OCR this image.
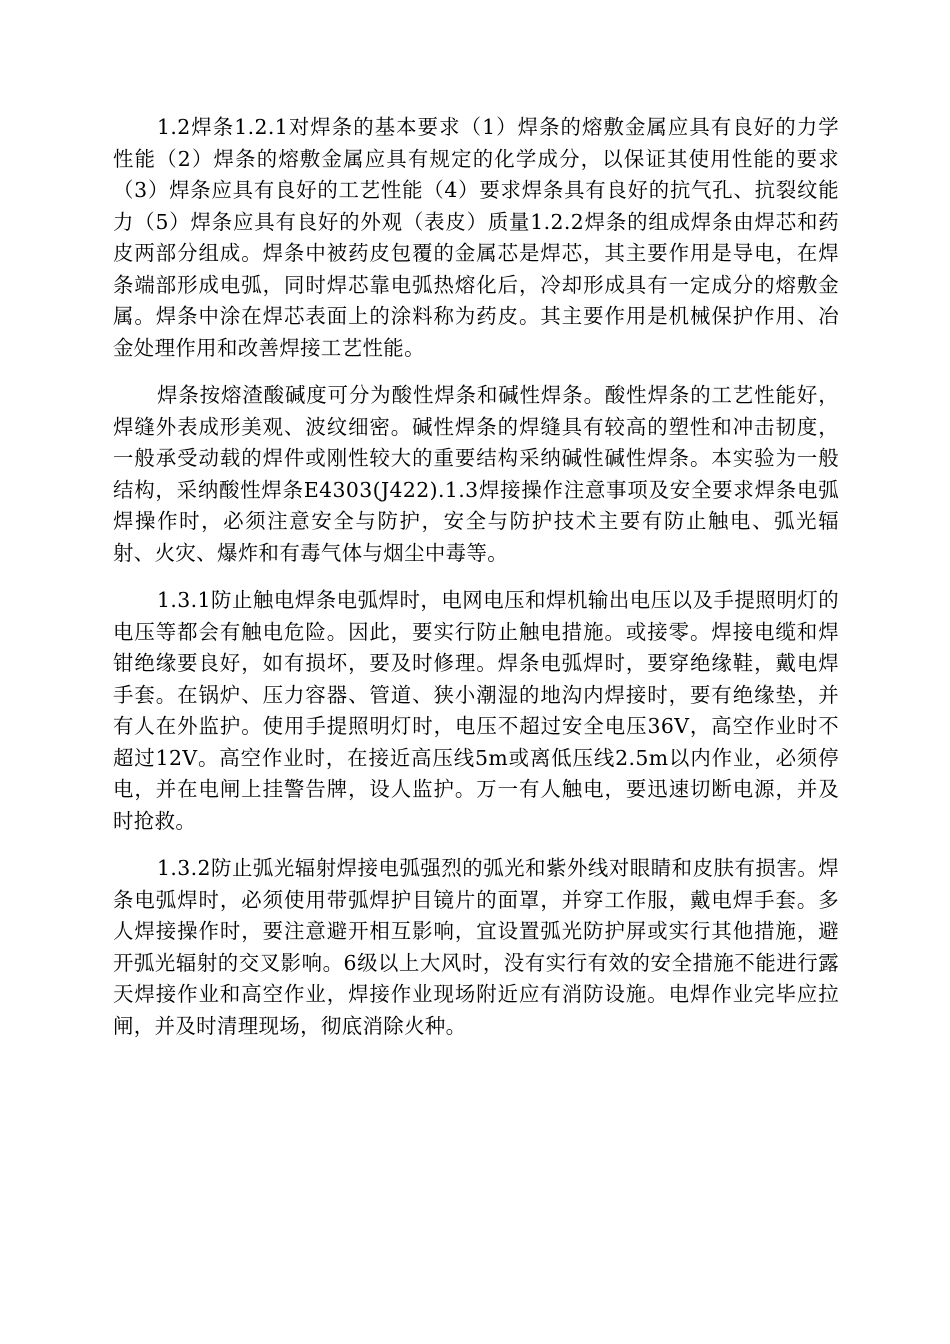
1.2焊条1.2.1对焊条的基本要求（1）焊条的熔敷金属应具有良好的力学性能（2）焊条的熔敷金属应具有规定的化学成分，以保证其使用性能的要求（3）焊条应具有良好的工艺性能（4）要求焊条具有良好的抗气孔、抗裂纹能力（5）焊条应具有良好的外观（表皮）质量1.2.2焊条的组成焊条由焊芯和药皮两部分组成。焊条中被药皮包覆的金属芯是焊芯，其主要作用是导电，在焊条端部形成电弧，同时焊芯靠电弧热熔化后，冷却形成具有一定成分的熔敷金属。焊条中涂在焊芯表面上的涂料称为药皮。其主要作用是机械保护作用、冶金处理作用和改善焊接工艺性能。

焊条按熔渣酸碱度可分为酸性焊条和碱性焊条。酸性焊条的工艺性能好，焊缝外表成形美观、波纹细密。碱性焊条的焊缝具有较高的塑性和冲击韧度，一般承受动载的焊件或刚性较大的重要结构采纳碱性碱性焊条。本实验为一般结构，采纳酸性焊条E4303(J422).1.3焊接操作注意事项及安全要求焊条电弧焊操作时，必须注意安全与防护，安全与防护技术主要有防止触电、弧光辐射、火灾、爆炸和有毒气体与烟尘中毒等。

1.3.1防止触电焊条电弧焊时，电网电压和焊机输出电压以及手提照明灯的电压等都会有触电危险。因此，要实行防止触电措施。或接零。焊接电缆和焊钳绝缘要良好，如有损坏，要及时修理。焊条电弧焊时，要穿绝缘鞋，戴电焊手套。在锅炉、压力容器、管道、狭小潮湿的地沟内焊接时，要有绝缘垫，并有人在外监护。使用手提照明灯时，电压不超过安全电压36V，高空作业时不超过12V。高空作业时，在接近高压线5m或离低压线2.5m以内作业，必须停电，并在电闸上挂警告牌，设人监护。万一有人触电，要迅速切断电源，并及时抢救。

1.3.2防止弧光辐射焊接电弧强烈的弧光和紫外线对眼睛和皮肤有损害。焊条电弧焊时，必须使用带弧焊护目镜片的面罩，并穿工作服，戴电焊手套。多人焊接操作时，要注意避开相互影响，宜设置弧光防护屏或实行其他措施，避开弧光辐射的交叉影响。6级以上大风时，没有实行有效的安全措施不能进行露天焊接作业和高空作业，焊接作业现场附近应有消防设施。电焊作业完毕应拉闸，并及时清理现场，彻底消除火种。
